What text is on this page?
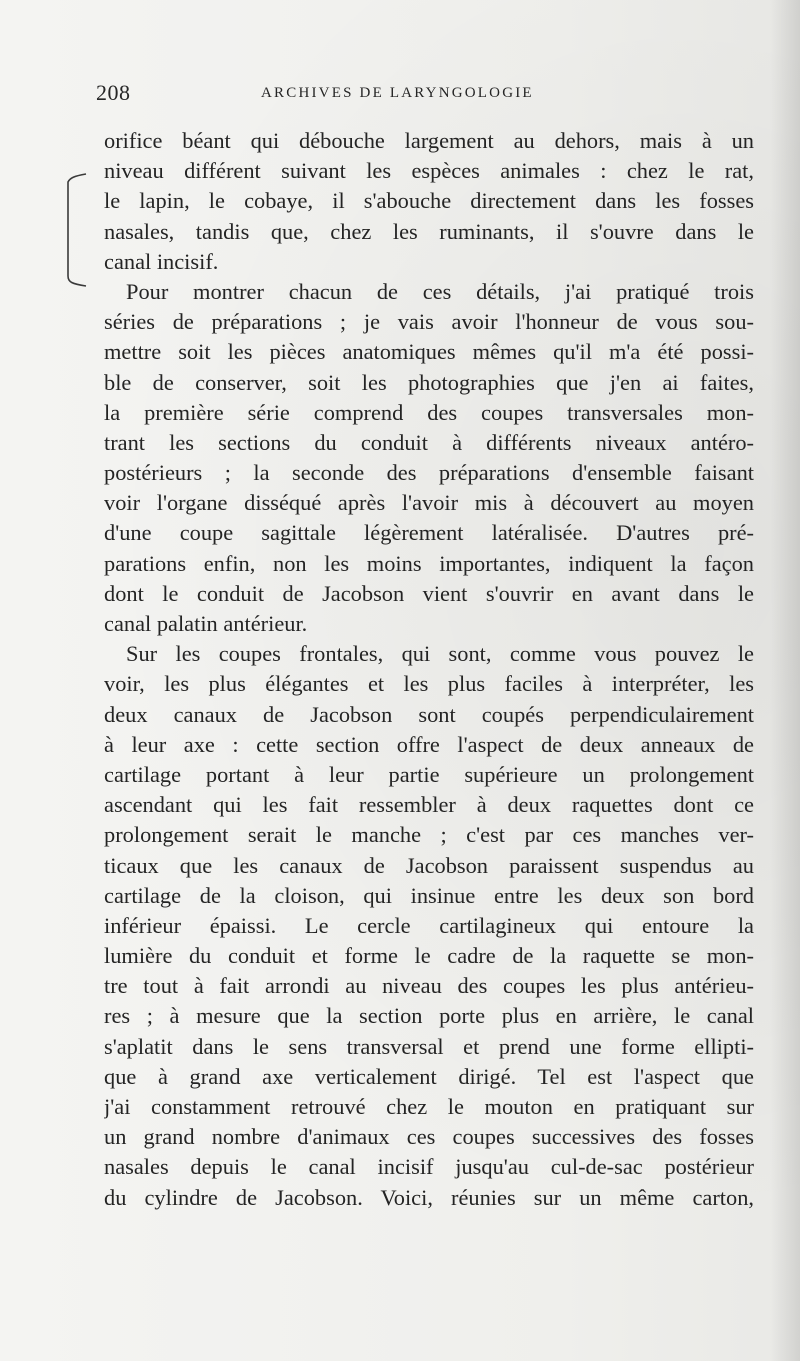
208	ARCHIVES DE LARYNGOLOGIE
orifice béant qui débouche largement au dehors, mais à un
niveau différent suivant les espèces animales : chez le rat,
le lapin, le cobaye, il s'abouche directement dans les fosses
nasales, tandis que, chez les ruminants, il s'ouvre dans le
canal incisif.
Pour montrer chacun de ces détails, j'ai pratiqué trois
séries de préparations ; je vais avoir l'honneur de vous sou-
mettre soit les pièces anatomiques mêmes qu'il m'a été possi-
ble de conserver, soit les photographies que j'en ai faites,
la première série comprend des coupes transversales mon-
trant les sections du conduit à différents niveaux antéro-
postérieurs ; la seconde des préparations d'ensemble faisant
voir l'organe disséqué après l'avoir mis à découvert au moyen
d'une coupe sagittale légèrement latéralisée. D'autres pré-
parations enfin, non les moins importantes, indiquent la façon
dont le conduit de Jacobson vient s'ouvrir en avant dans le
canal palatin antérieur.
Sur les coupes frontales, qui sont, comme vous pouvez le
voir, les plus élégantes et les plus faciles à interpréter, les
deux canaux de Jacobson sont coupés perpendiculairement
à leur axe : cette section offre l'aspect de deux anneaux de
cartilage portant à leur partie supérieure un prolongement
ascendant qui les fait ressembler à deux raquettes dont ce
prolongement serait le manche ; c'est par ces manches ver-
ticaux que les canaux de Jacobson paraissent suspendus au
cartilage de la cloison, qui insinue entre les deux son bord
inférieur épaissi. Le cercle cartilagineux qui entoure la
lumière du conduit et forme le cadre de la raquette se mon-
tre tout à fait arrondi au niveau des coupes les plus antérieu-
res ; à mesure que la section porte plus en arrière, le canal
s'aplatit dans le sens transversal et prend une forme ellipti-
que à grand axe verticalement dirigé. Tel est l'aspect que
j'ai constamment retrouvé chez le mouton en pratiquant sur
un grand nombre d'animaux ces coupes successives des fosses
nasales depuis le canal incisif jusqu'au cul-de-sac postérieur
du cylindre de Jacobson. Voici, réunies sur un même carton,
